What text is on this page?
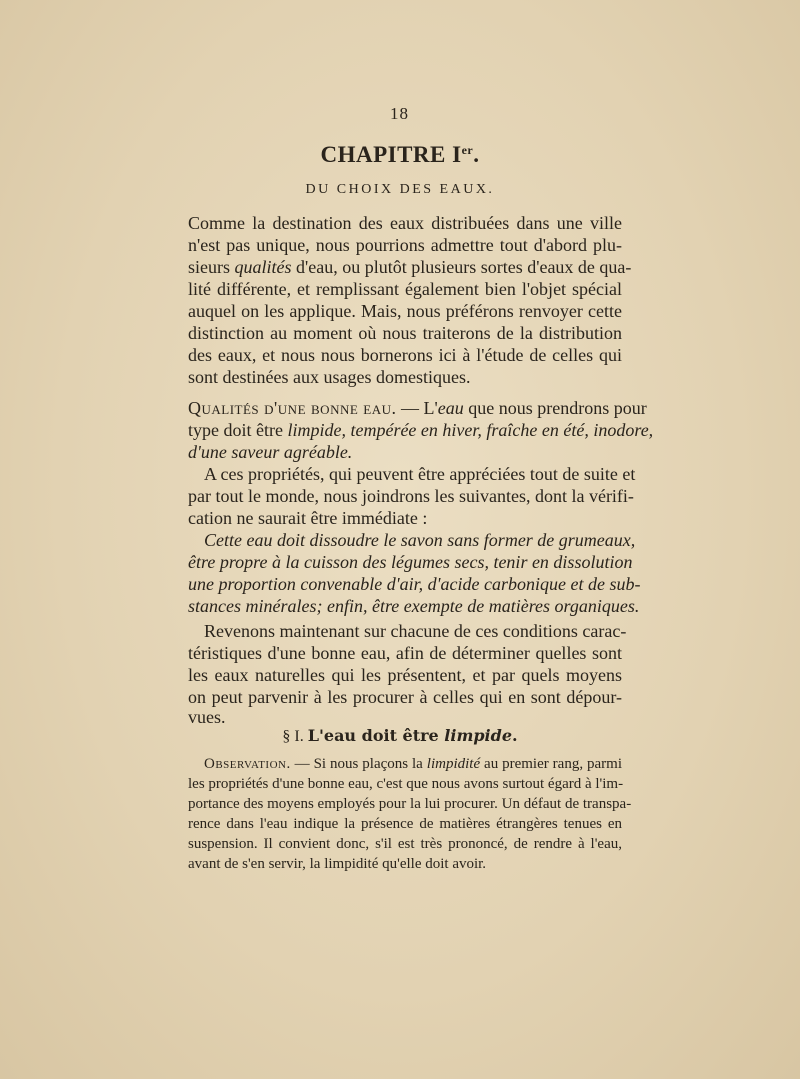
18
CHAPITRE Ier.
DU CHOIX DES EAUX.
Comme la destination des eaux distribuées dans une ville
n'est pas unique, nous pourrions admettre tout d'abord plu-
sieurs qualités d'eau, ou plutôt plusieurs sortes d'eaux de qua-
lité différente, et remplissant également bien l'objet spécial
auquel on les applique. Mais, nous préférons renvoyer cette
distinction au moment où nous traiterons de la distribution
des eaux, et nous nous bornerons ici à l'étude de celles qui
sont destinées aux usages domestiques.
Qualités d'une bonne eau. — L'eau que nous prendrons pour
type doit être limpide, tempérée en hiver, fraîche en été, inodore,
d'une saveur agréable.
A ces propriétés, qui peuvent être appréciées tout de suite et
par tout le monde, nous joindrons les suivantes, dont la vérifi-
cation ne saurait être immédiate :
Cette eau doit dissoudre le savon sans former de grumeaux,
être propre à la cuisson des légumes secs, tenir en dissolution
une proportion convenable d'air, d'acide carbonique et de sub-
stances minérales; enfin, être exempte de matières organiques.
Revenons maintenant sur chacune de ces conditions carac-
téristiques d'une bonne eau, afin de déterminer quelles sont
les eaux naturelles qui les présentent, et par quels moyens
on peut parvenir à les procurer à celles qui en sont dépour-
vues.
§ I. L'eau doit être limpide.
Observation. — Si nous plaçons la limpidité au premier rang, parmi
les propriétés d'une bonne eau, c'est que nous avons surtout égard à l'im-
portance des moyens employés pour la lui procurer. Un défaut de transpa-
rence dans l'eau indique la présence de matières étrangères tenues en
suspension. Il convient donc, s'il est très prononcé, de rendre à l'eau,
avant de s'en servir, la limpidité qu'elle doit avoir.
